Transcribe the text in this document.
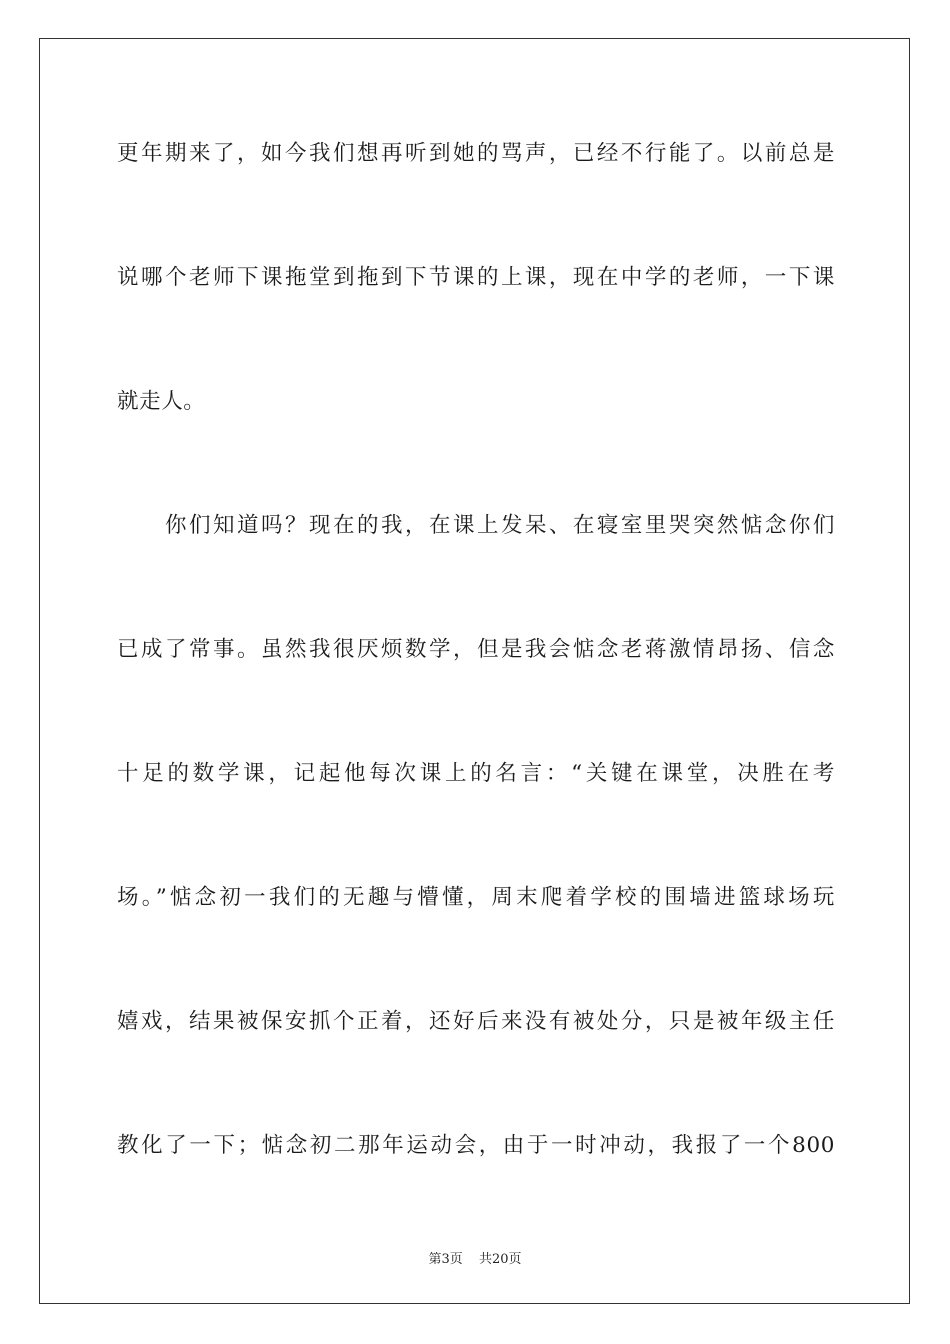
更年期来了，如今我们想再听到她的骂声，已经不行能了。以前总是
说哪个老师下课拖堂到拖到下节课的上课，现在中学的老师，一下课
就走人。
你们知道吗？现在的我，在课上发呆、在寝室里哭突然惦念你们
已成了常事。虽然我很厌烦数学，但是我会惦念老蒋激情昂扬、信念
十足的数学课，记起他每次课上的名言：“关键在课堂，决胜在考
场。”惦念初一我们的无趣与懵懂，周末爬着学校的围墙进篮球场玩
嬉戏，结果被保安抓个正着，还好后来没有被处分，只是被年级主任
教化了一下；惦念初二那年运动会，由于一时冲动，我报了一个800
第3页 共20页
